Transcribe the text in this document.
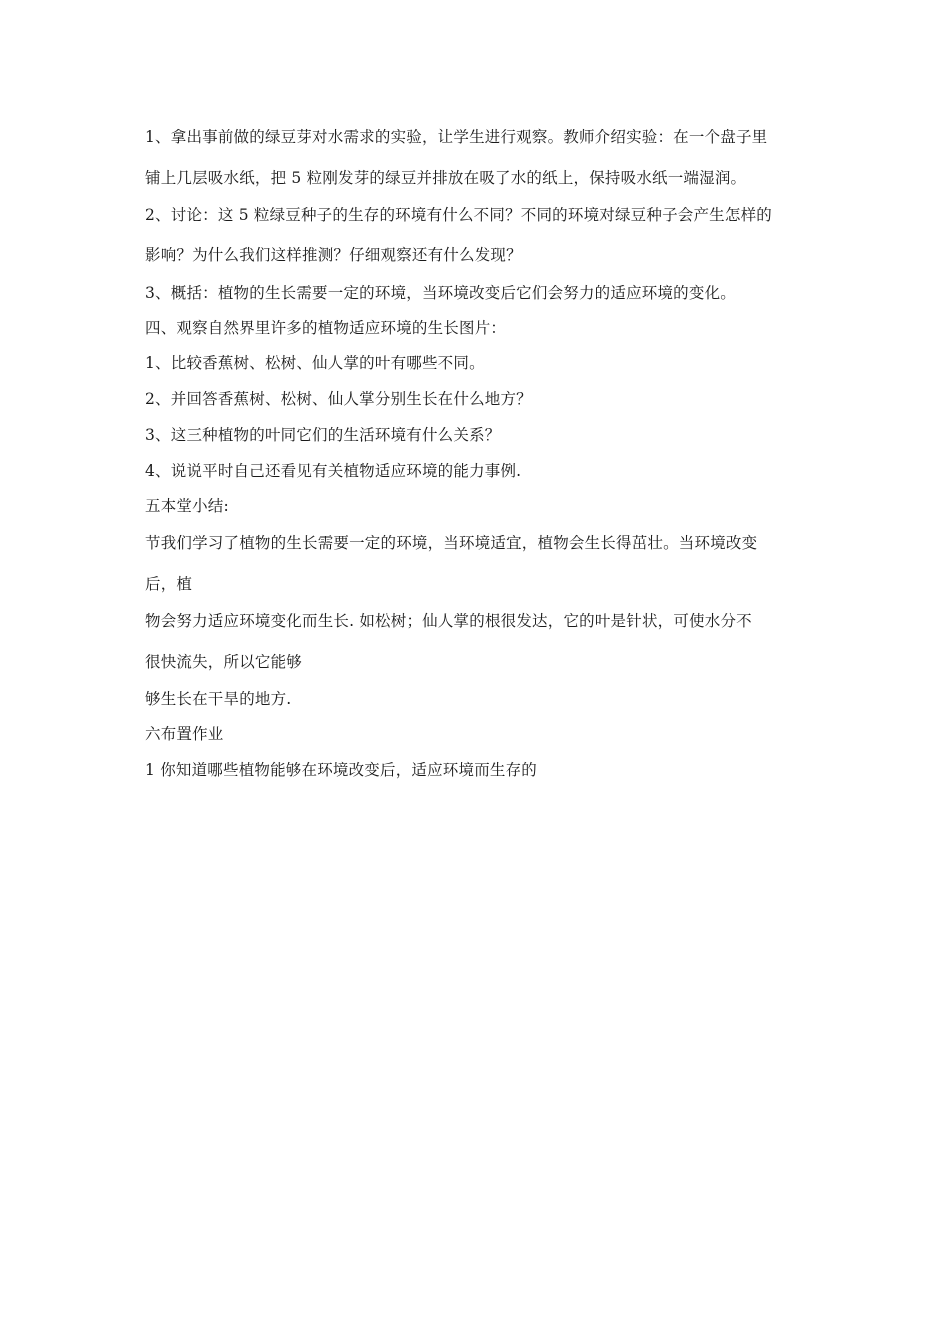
1、拿出事前做的绿豆芽对水需求的实验，让学生进行观察。教师介绍实验：在一个盘子里
铺上几层吸水纸，把 5 粒刚发芽的绿豆并排放在吸了水的纸上，保持吸水纸一端湿润。
2、讨论：这 5 粒绿豆种子的生存的环境有什么不同？不同的环境对绿豆种子会产生怎样的
影响？为什么我们这样推测？仔细观察还有什么发现？
3、概括：植物的生长需要一定的环境，当环境改变后它们会努力的适应环境的变化。
四、观察自然界里许多的植物适应环境的生长图片：
1、比较香蕉树、松树、仙人掌的叶有哪些不同。
2、并回答香蕉树、松树、仙人掌分别生长在什么地方？
3、这三种植物的叶同它们的生活环境有什么关系？
4、说说平时自己还看见有关植物适应环境的能力事例.
五本堂小结:
节我们学习了植物的生长需要一定的环境，当环境适宜，植物会生长得茁壮。当环境改变
后，植
物会努力适应环境变化而生长. 如松树；仙人掌的根很发达，它的叶是针状，可使水分不
很快流失，所以它能够
够生长在干旱的地方.
六布置作业
1 你知道哪些植物能够在环境改变后，适应环境而生存的
